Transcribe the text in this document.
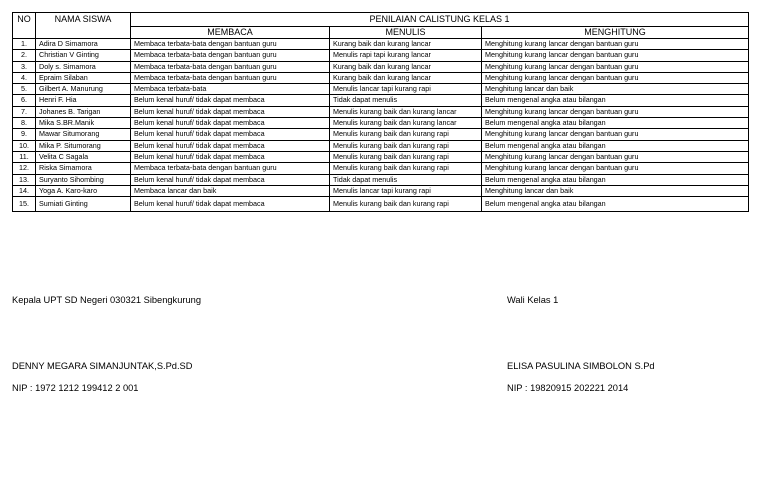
NO	NAMA SISWA	PENILAIAN CALISTUNG KELAS 1		
		MEMBACA	MENULIS	MENGHITUNG
1.	Adira D Simamora	Membaca terbata-bata dengan bantuan guru	Kurang baik dan kurang lancar	Menghitung kurang lancar dengan bantuan guru
2.	Christian V Ginting	Membaca terbata-bata dengan bantuan guru	Menulis rapi tapi kurang lancar	Menghitung kurang lancar dengan bantuan guru
3.	Doly s. Simamora	Membaca terbata-bata dengan bantuan guru	Kurang baik dan kurang lancar	Menghitung kurang lancar dengan bantuan guru
4.	Epraim Silaban	Membaca terbata-bata dengan bantuan guru	Kurang baik dan kurang lancar	Menghitung kurang lancar dengan bantuan guru
5.	Gilbert A. Manurung	Membaca terbata-bata	Menulis lancar tapi kurang rapi	Menghitung lancar dan baik
6.	Henri F. Hia	Belum kenal huruf/ tidak dapat membaca	Tidak dapat menulis	Belum mengenal angka atau bilangan
7.	Johanes B. Tarigan	Belum kenal huruf/ tidak dapat membaca	Menulis kurang baik dan kurang lancar	Menghitung kurang lancar dengan bantuan guru
8.	Mika S.BR.Manik	Belum kenal huruf/ tidak dapat membaca	Menulis kurang baik dan kurang lancar	Belum mengenal angka atau bilangan
9.	Mawar Situmorang	Belum kenal huruf/ tidak dapat membaca	Menulis kurang baik dan kurang rapi	Menghitung kurang lancar dengan bantuan guru
10.	Mika P. Situmorang	Belum kenal huruf/ tidak dapat membaca	Menulis kurang baik dan kurang rapi	Belum mengenal angka atau bilangan
11.	Velita C Sagala	Belum kenal huruf/ tidak dapat membaca	Menulis kurang baik dan kurang rapi	Menghitung kurang lancar dengan bantuan guru
12.	Riska Simamora	Membaca terbata-bata dengan bantuan guru	Menulis kurang baik dan kurang rapi	Menghitung kurang lancar dengan bantuan guru
13.	Suryanto Sihombing	Belum kenal huruf/ tidak dapat membaca	Tidak dapat menulis	Belum mengenal angka atau bilangan
14.	Yoga A. Karo-karo	Membaca lancar dan baik	Menulis lancar tapi kurang rapi	Menghitung lancar dan baik
15.	Sumiati Ginting	Belum kenal huruf/ tidak dapat membaca	Menulis kurang baik dan kurang rapi	Belum mengenal angka atau bilangan
Kepala UPT SD Negeri 030321 Sibengkurung
DENNY MEGARA SIMANJUNTAK,S.Pd.SD
NIP : 1972 1212 199412 2 001
Wali Kelas 1
ELISA PASULINA SIMBOLON S.Pd
NIP : 19820915 202221 2014
